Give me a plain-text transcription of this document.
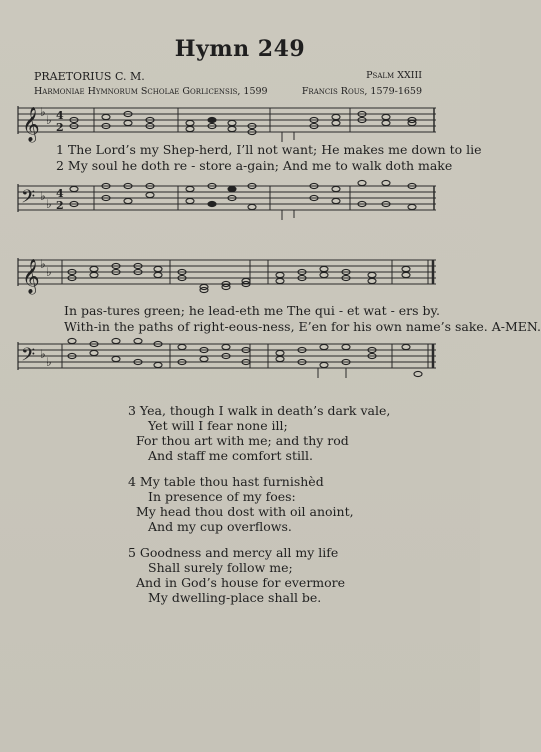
Hymn 249
PRAETORIUS C. M.
Harmoniae Hymnorum Scholae Gorlicensis, 1599
Psalm XXIII
Francis Rous, 1579-1659
𝄞 ♭
♭ 4
2
1 The Lord’s my Shep-herd, I’ll not want; He makes me down to lie
2 My soul he doth re - store a-gain; And me to walk doth make
𝄢 ♭
♭
4
2
𝄞 ♭
♭
In pas-tures green; he lead-eth me The qui - et wat - ers by.
With-in the paths of right-eous-ness, E’en for his own name’s sake. A-MEN.
𝄢 ♭
♭
3 Yea, though I walk in death’s dark vale,
Yet will I fear none ill;
For thou art with me; and thy rod
And staff me comfort still.
4 My table thou hast furnishèd
In presence of my foes:
My head thou dost with oil anoint,
And my cup overflows.
5 Goodness and mercy all my life
Shall surely follow me;
And in God’s house for evermore
My dwelling-place shall be.
